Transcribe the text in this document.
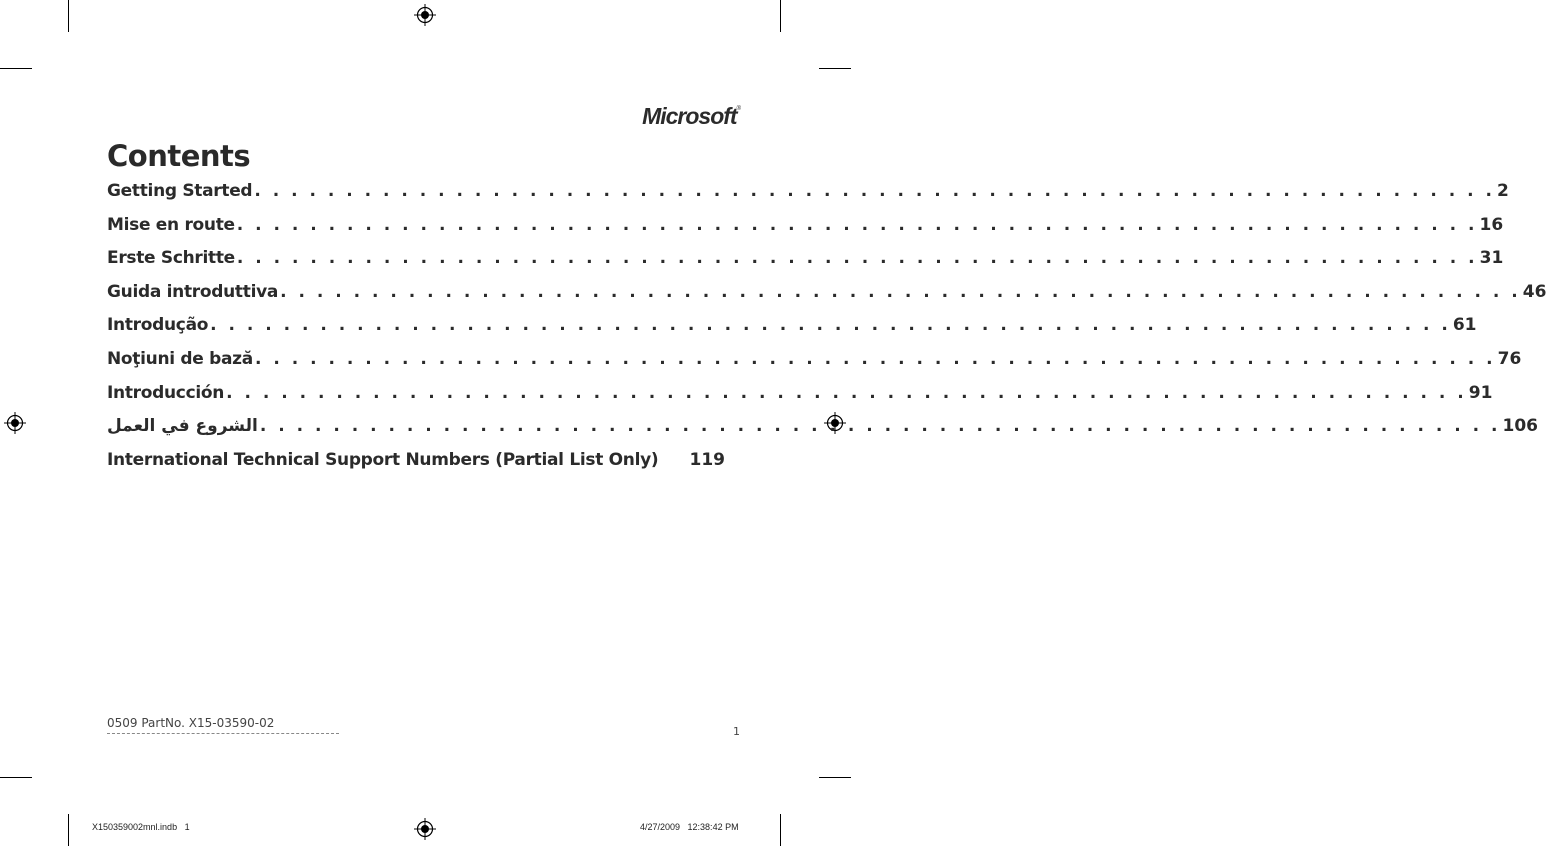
Microsoft®
Contents
Getting Started . . . . . . . . . . . . . . . . . . . . . . . . . . . . . . . . . . . . . . . . . . . . . . . . . . . . . . . . . . . . . . . . . . . . 2
Mise en route . . . . . . . . . . . . . . . . . . . . . . . . . . . . . . . . . . . . . . . . . . . . . . . . . . . . . . . . . . . . . . . . . . . . 16
Erste Schritte . . . . . . . . . . . . . . . . . . . . . . . . . . . . . . . . . . . . . . . . . . . . . . . . . . . . . . . . . . . . . . . . . . . . 31
Guida introduttiva . . . . . . . . . . . . . . . . . . . . . . . . . . . . . . . . . . . . . . . . . . . . . . . . . . . . . . . . . . . . . . . . . . . . 46
Introdução . . . . . . . . . . . . . . . . . . . . . . . . . . . . . . . . . . . . . . . . . . . . . . . . . . . . . . . . . . . . . . . . . . . . 61
Noţiuni de bază . . . . . . . . . . . . . . . . . . . . . . . . . . . . . . . . . . . . . . . . . . . . . . . . . . . . . . . . . . . . . . . . . . . . 76
Introducción . . . . . . . . . . . . . . . . . . . . . . . . . . . . . . . . . . . . . . . . . . . . . . . . . . . . . . . . . . . . . . . . . . . . 91
الشروع في العمل . . . . . . . . . . . . . . . . . . . . . . . . . . . . . . . . . . . . . . . . . . . . . . . . . . . . . . . . . . . . . . . . . . . . 106
International Technical Support Numbers (Partial List Only) 119
0509 PartNo. X15-03590-02
1
X150359002mnl.indb   1	4/27/2009   12:38:42 PM
